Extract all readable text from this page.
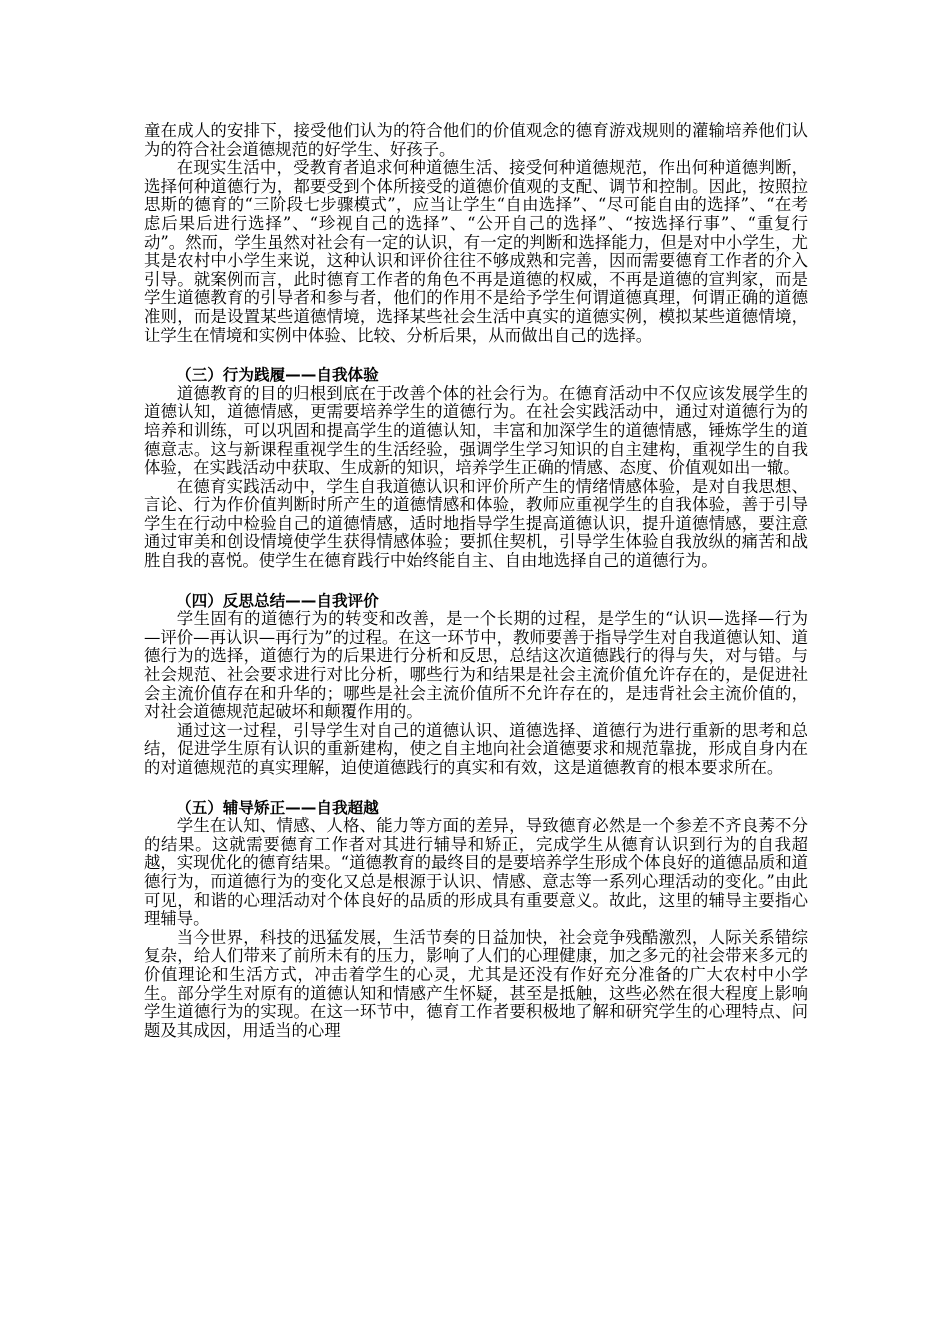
童在成人的安排下，接受他们认为的符合他们的价值观念的德育游戏规则的灌输培养他们认为的符合社会道德规范的好学生、好孩子。

在现实生活中，受教育者追求何种道德生活、接受何种道德规范，作出何种道德判断，选择何种道德行为，都要受到个体所接受的道德价值观的支配、调节和控制。因此，按照拉思斯的德育的“三阶段七步骤模式”，应当让学生“自由选择”、“尽可能自由的选择”、“在考虑后果后进行选择”、“珍视自己的选择”、“公开自己的选择”、“按选择行事”、“重复行动”。然而，学生虽然对社会有一定的认识，有一定的判断和选择能力，但是对中小学生，尤其是农村中小学生来说，这种认识和评价往往不够成熟和完善，因而需要德育工作者的介入引导。就案例而言，此时德育工作者的角色不再是道德的权威，不再是道德的宣判家，而是学生道德教育的引导者和参与者，他们的作用不是给予学生何谓道德真理，何谓正确的道德准则，而是设置某些道德情境，选择某些社会生活中真实的道德实例，模拟某些道德情境，让学生在情境和实例中体验、比较、分析后果，从而做出自己的选择。

（三）行为践履——自我体验

道德教育的目的归根到底在于改善个体的社会行为。在德育活动中不仅应该发展学生的道德认知，道德情感，更需要培养学生的道德行为。在社会实践活动中，通过对道德行为的培养和训练，可以巩固和提高学生的道德认知，丰富和加深学生的道德情感，锤炼学生的道德意志。这与新课程重视学生的生活经验，强调学生学习知识的自主建构，重视学生的自我体验，在实践活动中获取、生成新的知识，培养学生正确的情感、态度、价值观如出一辙。

在德育实践活动中，学生自我道德认识和评价所产生的情绪情感体验，是对自我思想、言论、行为作价值判断时所产生的道德情感和体验，教师应重视学生的自我体验，善于引导学生在行动中检验自己的道德情感，适时地指导学生提高道德认识，提升道德情感，要注意通过审美和创设情境使学生获得情感体验；要抓住契机，引导学生体验自我放纵的痛苦和战胜自我的喜悦。使学生在德育践行中始终能自主、自由地选择自己的道德行为。

（四）反思总结——自我评价

学生固有的道德行为的转变和改善，是一个长期的过程，是学生的“认识—选择—行为—评价—再认识—再行为”的过程。在这一环节中，教师要善于指导学生对自我道德认知、道德行为的选择，道德行为的后果进行分析和反思，总结这次道德践行的得与失，对与错。与社会规范、社会要求进行对比分析，哪些行为和结果是社会主流价值允许存在的，是促进社会主流价值存在和升华的；哪些是社会主流价值所不允许存在的，是违背社会主流价值的，对社会道德规范起破坏和颠覆作用的。

通过这一过程，引导学生对自己的道德认识、道德选择、道德行为进行重新的思考和总结，促进学生原有认识的重新建构，使之自主地向社会道德要求和规范靠拢，形成自身内在的对道德规范的真实理解，迫使道德践行的真实和有效，这是道德教育的根本要求所在。

（五）辅导矫正——自我超越

学生在认知、情感、人格、能力等方面的差异，导致德育必然是一个参差不齐良莠不分的结果。这就需要德育工作者对其进行辅导和矫正，完成学生从德育认识到行为的自我超越，实现优化的德育结果。“道德教育的最终目的是要培养学生形成个体良好的道德品质和道德行为，而道德行为的变化又总是根源于认识、情感、意志等一系列心理活动的变化。”由此可见，和谐的心理活动对个体良好的品质的形成具有重要意义。故此，这里的辅导主要指心理辅导。

当今世界，科技的迅猛发展，生活节奏的日益加快，社会竞争残酷激烈，人际关系错综复杂，给人们带来了前所未有的压力，影响了人们的心理健康，加之多元的社会带来多元的价值理论和生活方式，冲击着学生的心灵，尤其是还没有作好充分准备的广大农村中小学生。部分学生对原有的道德认知和情感产生怀疑，甚至是抵触，这些必然在很大程度上影响学生道德行为的实现。在这一环节中，德育工作者要积极地了解和研究学生的心理特点、问题及其成因，用适当的心理
